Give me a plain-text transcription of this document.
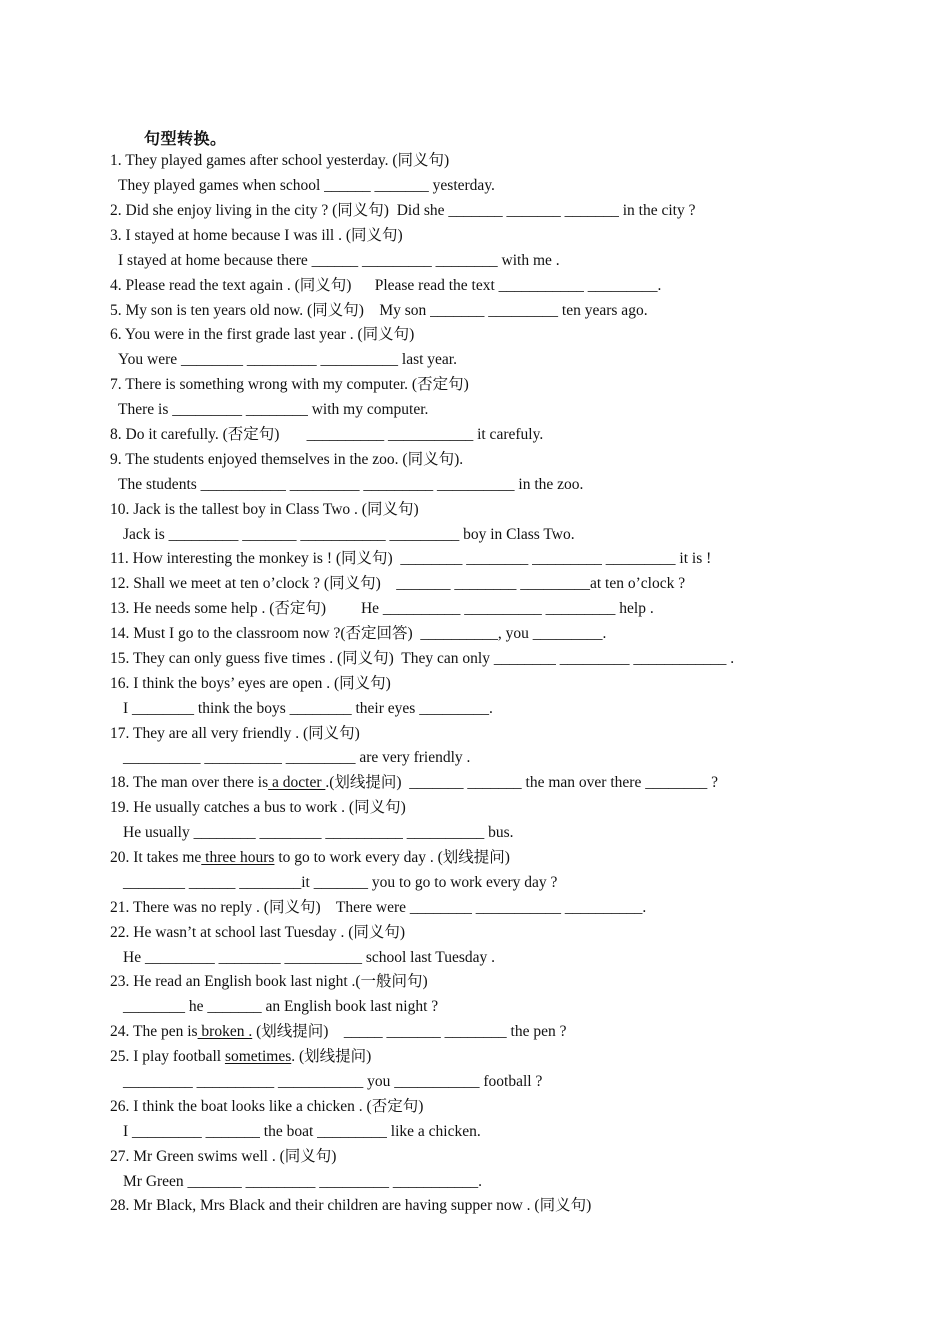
句型转换。

1. They played games after school yesterday. (同义句)

They played games when school ______ _______ yesterday.

2. Did she enjoy living in the city ? (同义句)  Did she _______ _______ _______ in the city ?

3. I stayed at home because I was ill . (同义句)

I stayed at home because there ______ _________ ________ with me .

4. Please read the text again . (同义句)      Please read the text ___________ _________.

5. My son is ten years old now. (同义句)    My son _______ _________ ten years ago.

6. You were in the first grade last year . (同义句)

You were ________ _________ __________ last year.

7. There is something wrong with my computer. (否定句)

There is _________ ________ with my computer.

8. Do it carefully. (否定句)       __________ ___________ it carefuly.

9. The students enjoyed themselves in the zoo. (同义句).

The students ___________ _________ _________ __________ in the zoo.

10. Jack is the tallest boy in Class Two . (同义句)

Jack is _________ _______ ___________ _________ boy in Class Two.

11. How interesting the monkey is ! (同义句)  ________ ________ _________ _________ it is !

12. Shall we meet at ten o’clock ? (同义句)    _______ ________ _________at ten o’clock ?

13. He needs some help . (否定句)         He __________ __________ _________ help .

14. Must I go to the classroom now ?(否定回答)  __________, you _________.

15. They can only guess five times . (同义句)  They can only ________ _________ ____________ .

16. I think the boys’ eyes are open . (同义句)

I ________ think the boys ________ their eyes _________.

17. They are all very friendly . (同义句)

__________ __________ _________ are very friendly .

18. The man over there is a docter .(划线提问)  _______ _______ the man over there ________ ?

19. He usually catches a bus to work . (同义句)

He usually ________ ________ __________ __________ bus.

20. It takes me three hours to go to work every day . (划线提问)

________ ______ ________it _______ you to go to work every day ?

21. There was no reply . (同义句)    There were ________ ___________ __________.

22. He wasn’t at school last Tuesday . (同义句)

He _________ ________ __________ school last Tuesday .

23. He read an English book last night .(一般问句)

________ he _______ an English book last night ?

24. The pen is broken . (划线提问)    _____ _______ ________ the pen ?

25. I play football sometimes. (划线提问)

_________ __________ ___________ you ___________ football ?

26. I think the boat looks like a chicken . (否定句)

I _________ _______ the boat _________ like a chicken.

27. Mr Green swims well . (同义句)

Mr Green _______ _________ _________ ___________.

28. Mr Black, Mrs Black and their children are having supper now . (同义句)
